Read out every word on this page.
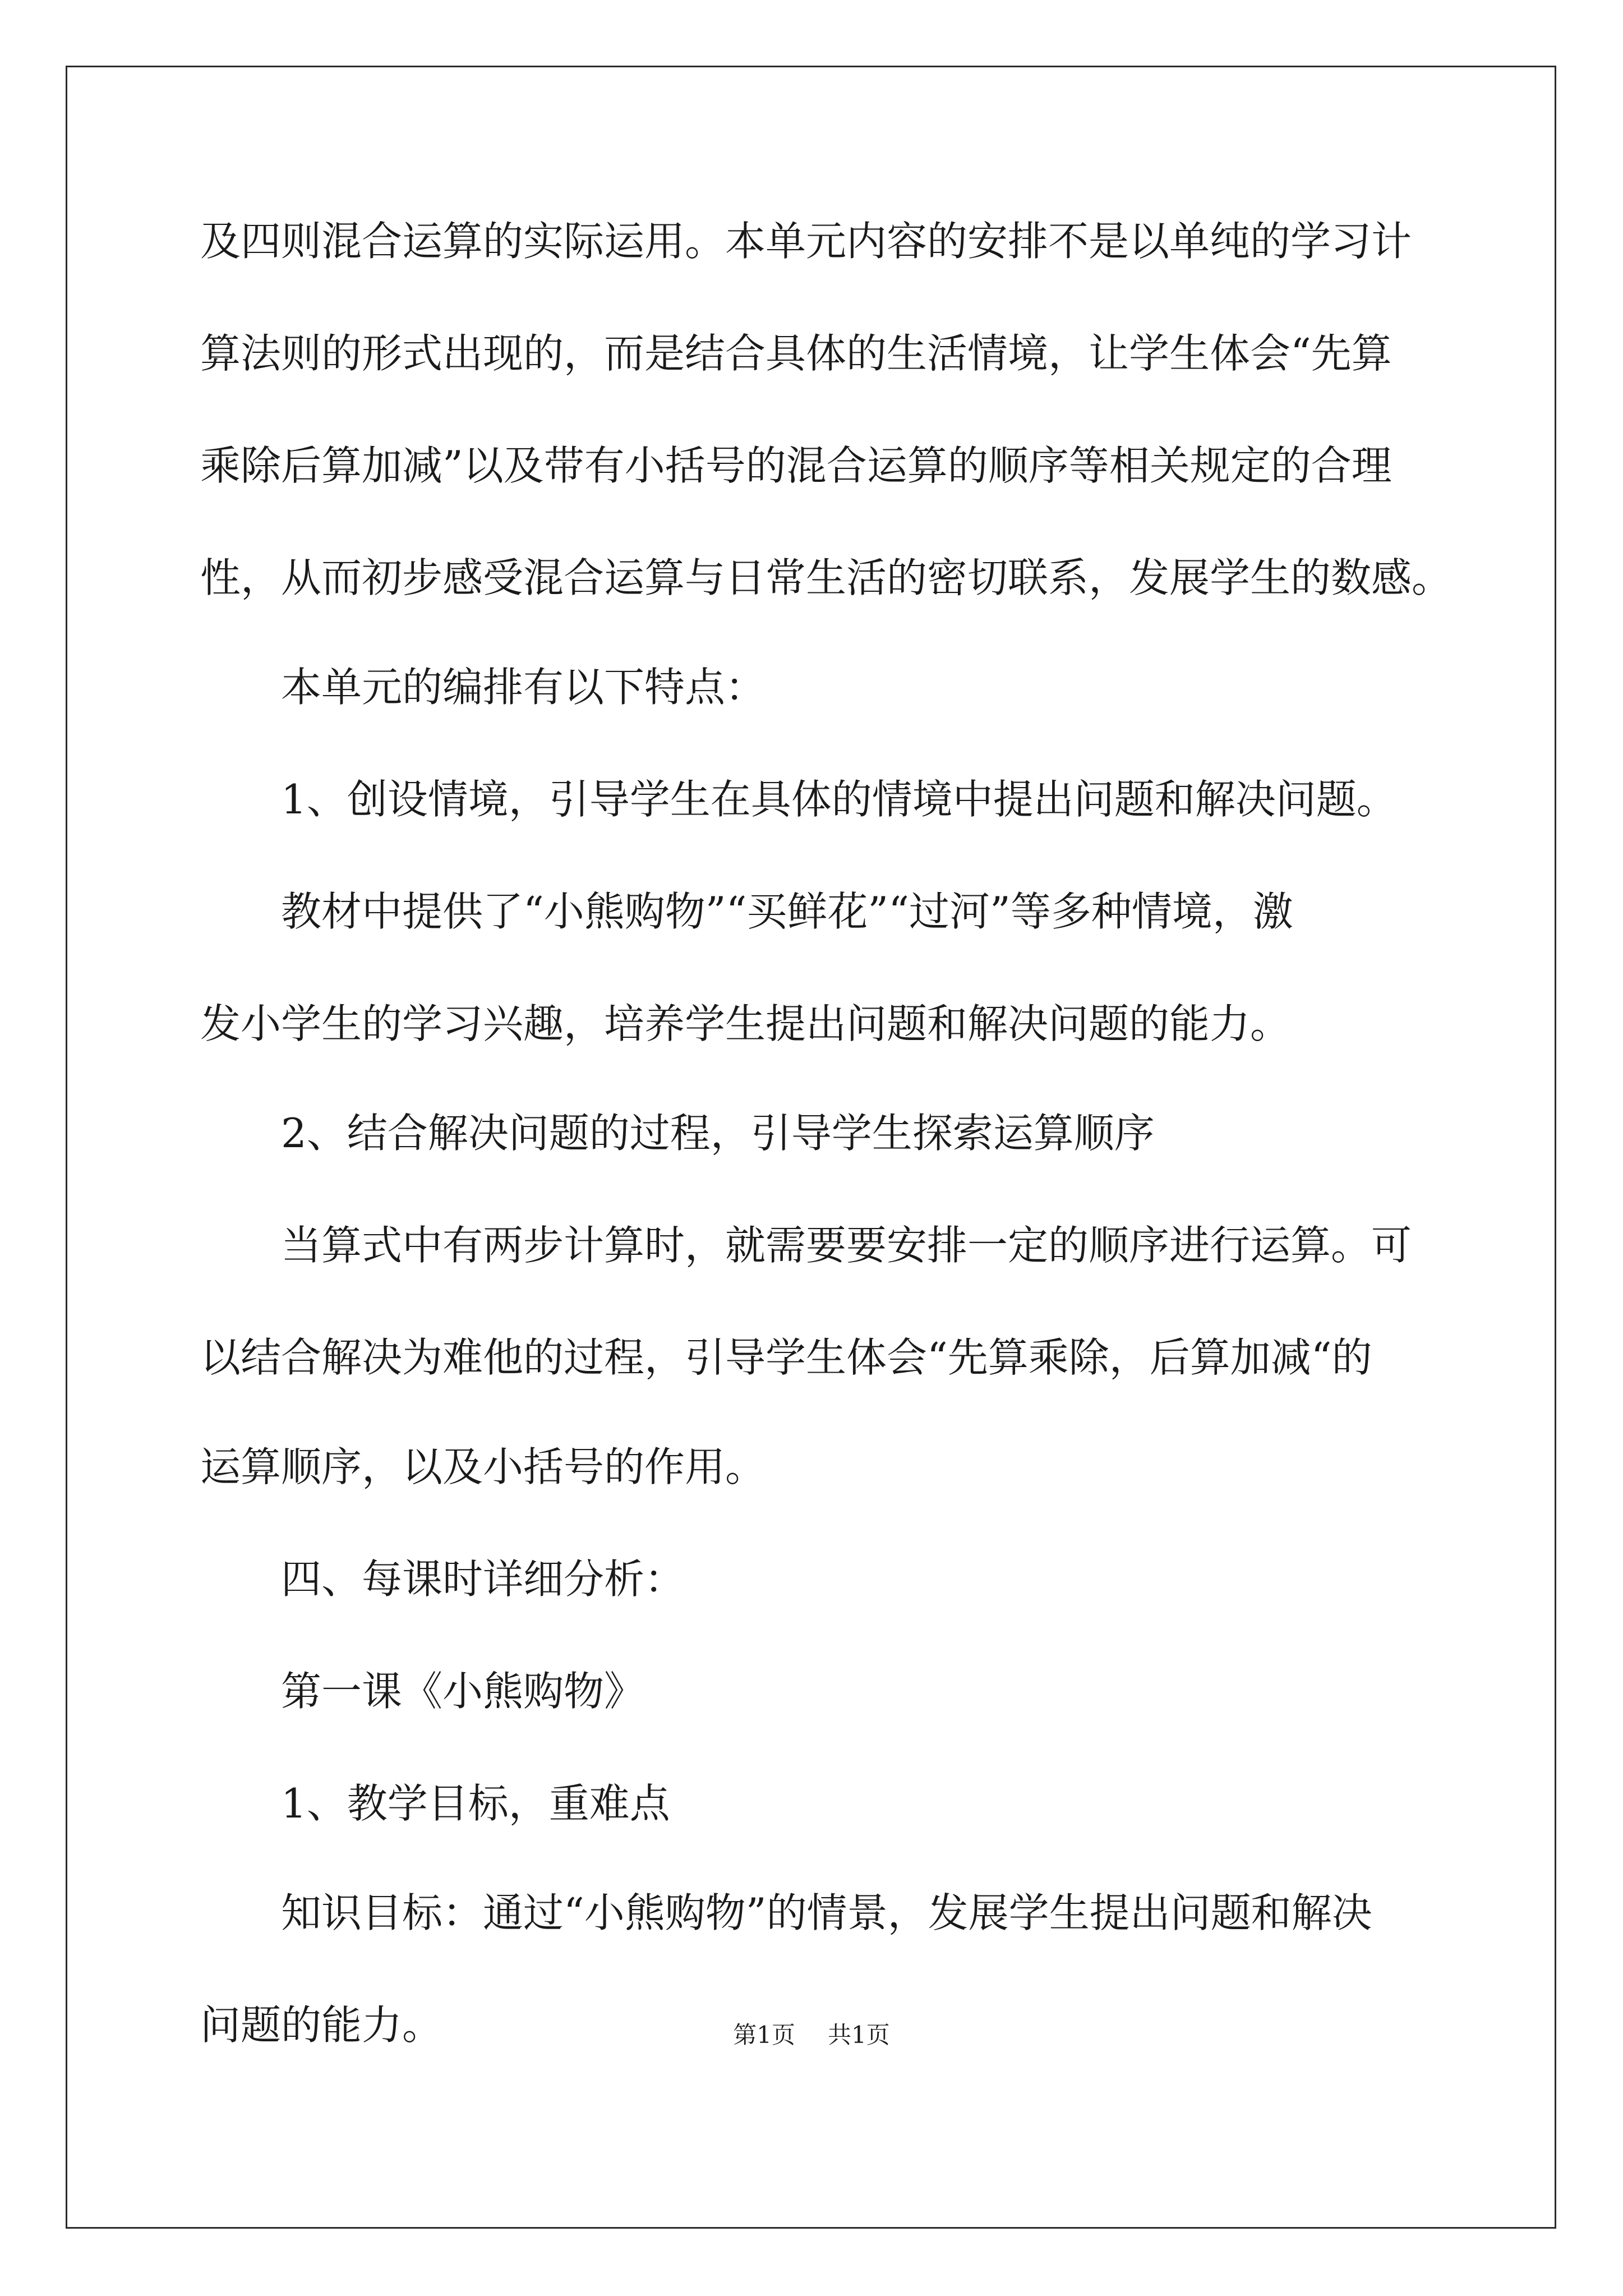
及四则混合运算的实际运用。本单元内容的安排不是以单纯的学习计
算法则的形式出现的，而是结合具体的生活情境，让学生体会“先算
乘除后算加减”以及带有小括号的混合运算的顺序等相关规定的合理
性，从而初步感受混合运算与日常生活的密切联系，发展学生的数感。
本单元的编排有以下特点：
1、创设情境，引导学生在具体的情境中提出问题和解决问题。
教材中提供了“小熊购物”“买鲜花”“过河”等多种情境，激
发小学生的学习兴趣，培养学生提出问题和解决问题的能力。
2、结合解决问题的过程，引导学生探索运算顺序
当算式中有两步计算时，就需要要安排一定的顺序进行运算。可
以结合解决为难他的过程，引导学生体会“先算乘除，后算加减“的
运算顺序，以及小括号的作用。
四、每课时详细分析：
第一课《小熊购物》
1、教学目标，重难点
知识目标：通过“小熊购物”的情景，发展学生提出问题和解决
问题的能力。	第1页 共1页
